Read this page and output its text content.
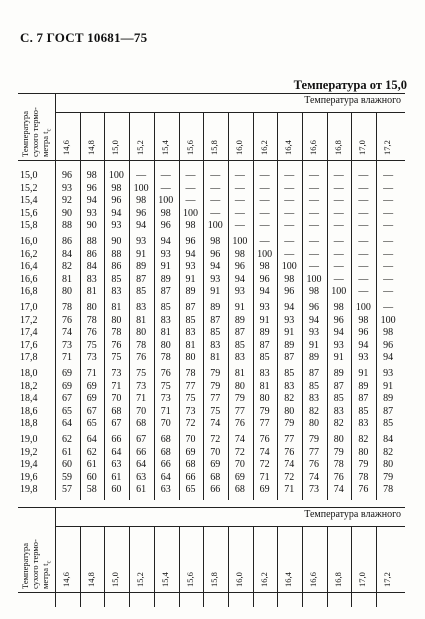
С. 7 ГОСТ 10681—75
Температура от 15,0
Температура влажного
Температура
сухого термо-
метра $t_c$
14,6 14,8 15,0 15,2 15,4 15,6 15,8 16,0 16,2 16,4 16,6 16,8 17,0 17,2
15,0	96	98	100	—	—	—	—	—	—	—	—	—	—	—
15,2	93	96	98	100	—	—	—	—	—	—	—	—	—	—
15,4	92	94	96	98	100	—	—	—	—	—	—	—	—	—
15,6	90	93	94	96	98	100	—	—	—	—	—	—	—	—
15,8	88	90	93	94	96	98	100	—	—	—	—	—	—	—
16,0	86	88	90	93	94	96	98	100	—	—	—	—	—	—
16,2	84	86	88	91	93	94	96	98	100	—	—	—	—	—
16,4	82	84	86	89	91	93	94	96	98	100	—	—	—	—
16,6	81	83	85	87	89	91	93	94	96	98	100	—	—	—
16,8	80	81	83	85	87	89	91	93	94	96	98	100	—	—
17,0	78	80	81	83	85	87	89	91	93	94	96	98	100	—
17,2	76	78	80	81	83	85	87	89	91	93	94	96	98	100
17,4	74	76	78	80	81	83	85	87	89	91	93	94	96	98
17,6	73	75	76	78	80	81	83	85	87	89	91	93	94	96
17,8	71	73	75	76	78	80	81	83	85	87	89	91	93	94
18,0	69	71	73	75	76	78	79	81	83	85	87	89	91	93
18,2	69	69	71	73	75	77	79	80	81	83	85	87	89	91
18,4	67	69	70	71	73	75	77	79	80	82	83	85	87	89
18,6	65	67	68	70	71	73	75	77	79	80	82	83	85	87
18,8	64	65	67	68	70	72	74	76	77	79	80	82	83	85
19,0	62	64	66	67	68	70	72	74	76	77	79	80	82	84
19,2	61	62	64	66	68	69	70	72	74	76	77	79	80	82
19,4	60	61	63	64	66	68	69	70	72	74	76	78	79	80
19,6	59	60	61	63	64	66	68	69	71	72	74	76	78	79
19,8	57	58	60	61	63	65	66	68	69	71	73	74	76	78
Температура влажного
Температура
сухого термо-
метра $t_c$
14,6 14,8 15,0 15,2 15,4 15,6 15,8 16,0 16,2 16,4 16,6 16,8 17,0 17,2
